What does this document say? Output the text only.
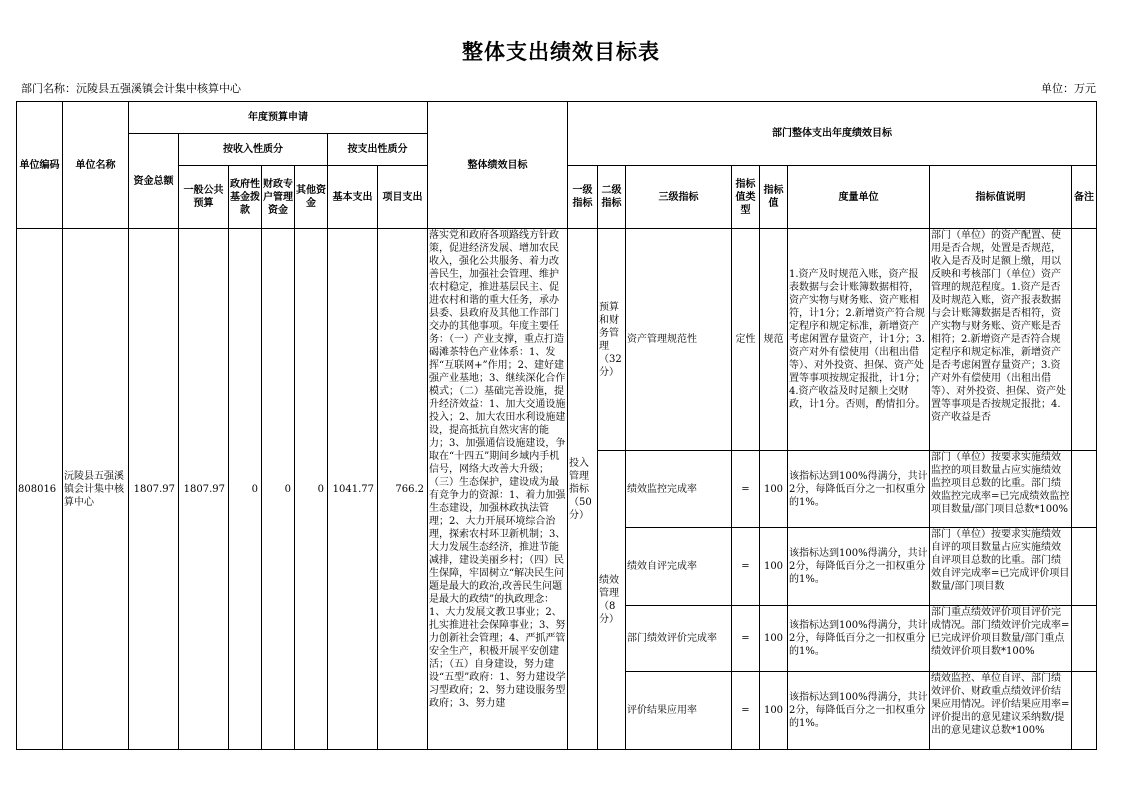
整体支出绩效目标表
部门名称：沅陵县五强溪镇会计集中核算中心	单位：万元
单位编码	单位名称	年度预算申请							整体绩效目标	部门整体支出年度绩效目标							
		资金总额	按收入性质分				按支出性质分										
			一般公共预算	政府性基金拨款	财政专户管理资金	其他资金	基本支出	项目支出		一级指标	二级指标	三级指标	指标值类型	指标值	度量单位	指标值说明	备注

808016	沅陵县五强溪镇会计集中核算中心	1807.97	1807.97	0	0	0	1041.77	766.2	落实党和政府各项路线方针政策，促进经济发展、增加农民收入，强化公共服务、着力改善民生，加强社会管理、维护农村稳定，推进基层民主、促进农村和谐的重大任务，承办县委、县政府及其他工作部门交办的其他事项。年度主要任务：（一）产业支撑，重点打造碣滩茶特色产业体系：1、发挥“互联网+”作用；2、建好建强产业基地；3、继续深化合作模式；（二）基础完善设施，提升经济效益：1、加大交通设施投入；2、加大农田水利设施建设，提高抵抗自然灾害的能力；3、加强通信设施建设，争取在“十四五”期间乡域内手机信号，网络大改善大升级；（三）生态保护，建设成为最有竞争力的资源：1、着力加强生态建设，加强林政执法管理；2、大力开展环境综合治理，探索农村环卫新机制；3、大力发展生态经济，推进节能减排，建设美丽乡村；（四）民生保障，牢固树立“解决民生问题是最大的政治,改善民生问题是最大的政绩”的执政理念：1、大力发展文教卫事业；2、扎实推进社会保障事业；3、努力创新社会管理；4、严抓严管安全生产，积极开展平安创建活；（五）自身建设，努力建设“五型”政府：1、努力建设学习型政府；2、努力建设服务型政府；3、努力建	投入管理指标（50分）	预算和财务管理（32分）	资产管理规范性	定性	规范	1.资产及时规范入账，资产报表数据与会计账簿数据相符，资产实物与财务账、资产账相符，计1分；2.新增资产符合规定程序和规定标准，新增资产考虑闲置存量资产，计1分；3.资产对外有偿使用（出租出借等）、对外投资、担保、资产处置等事项按规定报批，计1分；4.资产收益及时足额上交财政，计1分。否则，酌情扣分。	部门（单位）的资产配置、使用是否合规，处置是否规范，收入是否及时足额上缴，用以反映和考核部门（单位）资产管理的规范程度。1.资产是否及时规范入账，资产报表数据与会计账簿数据是否相符，资产实物与财务账、资产账是否相符；2.新增资产是否符合规定程序和规定标准，新增资产是否考虑闲置存量资产；3.资产对外有偿使用（出租出借等）、对外投资、担保、资产处置等事项是否按规定报批；4.资产收益是否	

											绩效管理（8分）	绩效监控完成率	=	100	该指标达到100%得满分，共计2分，每降低百分之一扣权重分的1%。	部门（单位）按要求实施绩效监控的项目数量占应实施绩效监控项目总数的比重。部门绩效监控完成率=已完成绩效监控项目数量/部门项目总数*100%	

												绩效自评完成率	=	100	该指标达到100%得满分，共计2分，每降低百分之一扣权重分的1%。	部门（单位）按要求实施绩效自评的项目数量占应实施绩效自评项目总数的比重。部门绩效自评完成率=已完成评价项目数量/部门项目数	

												部门绩效评价完成率	=	100	该指标达到100%得满分，共计2分，每降低百分之一扣权重分的1%。	部门重点绩效评价项目评价完成情况。部门绩效评价完成率=已完成评价项目数量/部门重点绩效评价项目数*100%	

												评价结果应用率	=	100	该指标达到100%得满分，共计2分，每降低百分之一扣权重分的1%。	绩效监控、单位自评、部门绩效评价、财政重点绩效评价结果应用情况。评价结果应用率=评价提出的意见建议采纳数/提出的意见建议总数*100%	
